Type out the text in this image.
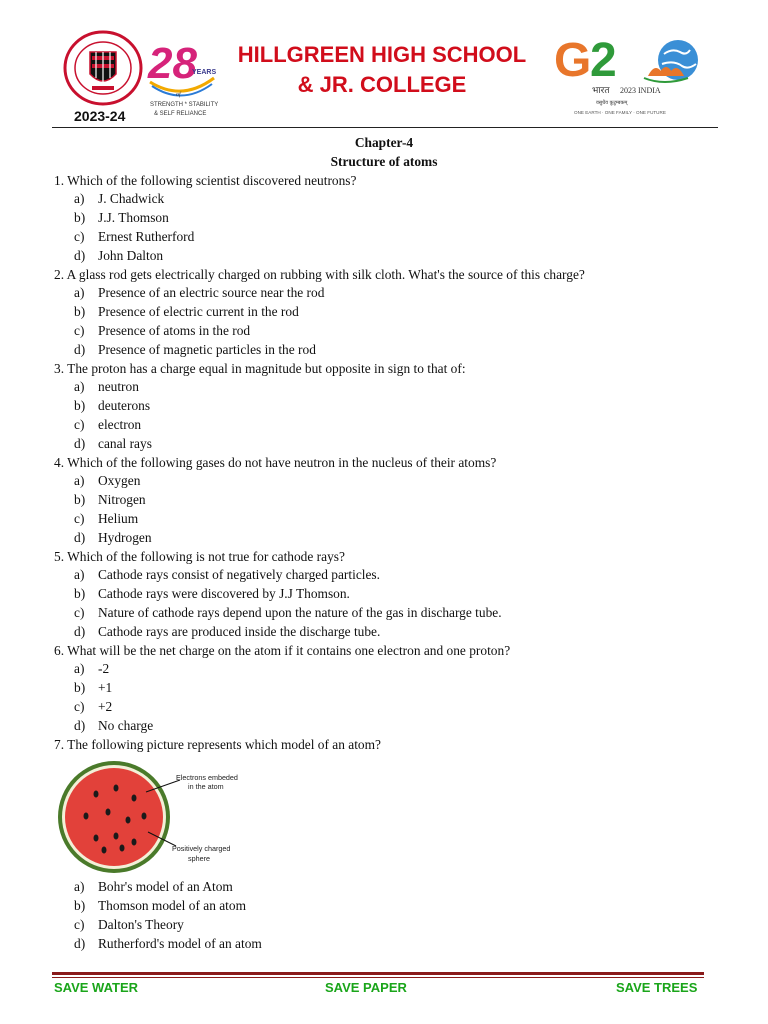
2023-24
28
YEARS
of
STRENGTH * STABILITY
& SELF RELIANCE
HILLGREEN HIGH SCHOOL
& JR. COLLEGE	G
2
भारत 2023 INDIA
वसुधैव कुटुम्बकम्
ONE EARTH · ONE FAMILY · ONE FUTURE
Chapter-4
Structure of atoms
1. Which of the following scientist discovered neutrons?
a)	J. Chadwick
b) J.J. Thomson
c)	Ernest Rutherford
d) John Dalton
2. A glass rod gets electrically charged on rubbing with silk cloth. What's the source of this charge?
a)	Presence of an electric source near the rod
b) Presence of electric current in the rod
c)	Presence of atoms in the rod
d) Presence of magnetic particles in the rod
3. The proton has a charge equal in magnitude but opposite in sign to that of:
a)	neutron
b) deuterons
c)	electron
d) canal rays
4. Which of the following gases do not have neutron in the nucleus of their atoms?
a)	Oxygen
b) Nitrogen
c)	Helium
d) Hydrogen
5. Which of the following is not true for cathode rays?
a)	Cathode rays consist of negatively charged particles.
b) Cathode rays were discovered by J.J Thomson.
c)	Nature of cathode rays depend upon the nature of the gas in discharge tube.
d) Cathode rays are produced inside the discharge tube.
6. What will be the net charge on the atom if it contains one electron and one proton?
a)	-2
b) +1
c)	+2
d) No charge
7. The following picture represents which model of an atom?
Electrons embeded
in the atom
Positively charged
sphere
a)	Bohr's model of an Atom
b) Thomson model of an atom
c)	Dalton's Theory
d) Rutherford's model of an atom
SAVE WATER	SAVE PAPER	SAVE TREES
